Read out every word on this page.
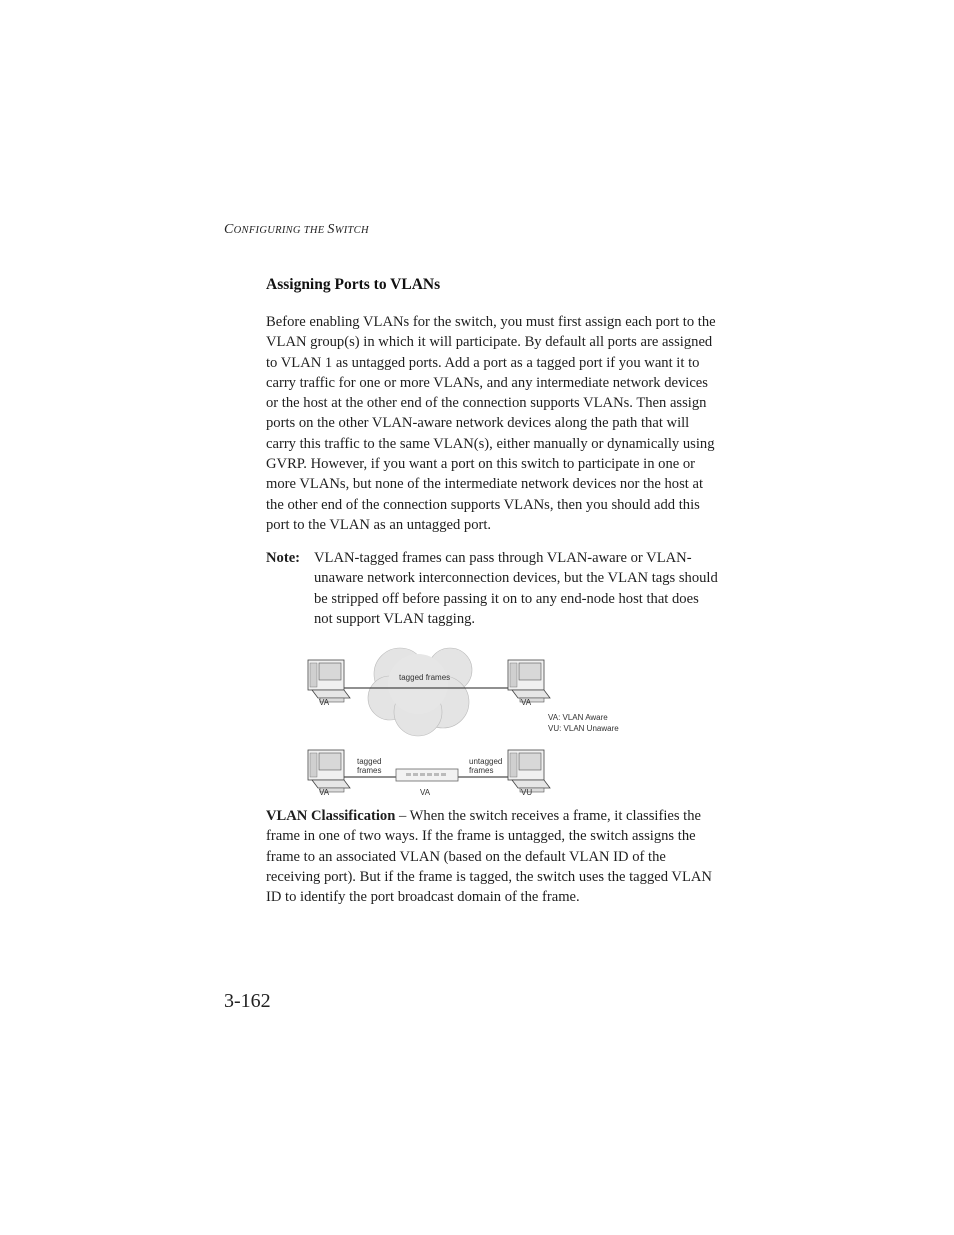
CONFIGURING THE SWITCH
Assigning Ports to VLANs

Before enabling VLANs for the switch, you must first assign each port to the VLAN group(s) in which it will participate. By default all ports are assigned to VLAN 1 as untagged ports. Add a port as a tagged port if you want it to carry traffic for one or more VLANs, and any intermediate network devices or the host at the other end of the connection supports VLANs. Then assign ports on the other VLAN-aware network devices along the path that will carry this traffic to the same VLAN(s), either manually or dynamically using GVRP. However, if you want a port on this switch to participate in one or more VLANs, but none of the intermediate network devices nor the host at the other end of the connection supports VLANs, then you should add this port to the VLAN as an untagged port.

Note: VLAN-tagged frames can pass through VLAN-aware or VLAN-unaware network interconnection devices, but the VLAN tags should be stripped off before passing it on to any end-node host that does not support VLAN tagging.
tagged frames
VA	VA
VA: VLAN Aware
VU: VLAN Unaware
tagged
frames
untagged
frames
VA	VA	VU

VLAN Classification – When the switch receives a frame, it classifies the frame in one of two ways. If the frame is untagged, the switch assigns the frame to an associated VLAN (based on the default VLAN ID of the receiving port). But if the frame is tagged, the switch uses the tagged VLAN ID to identify the port broadcast domain of the frame.

3-162
